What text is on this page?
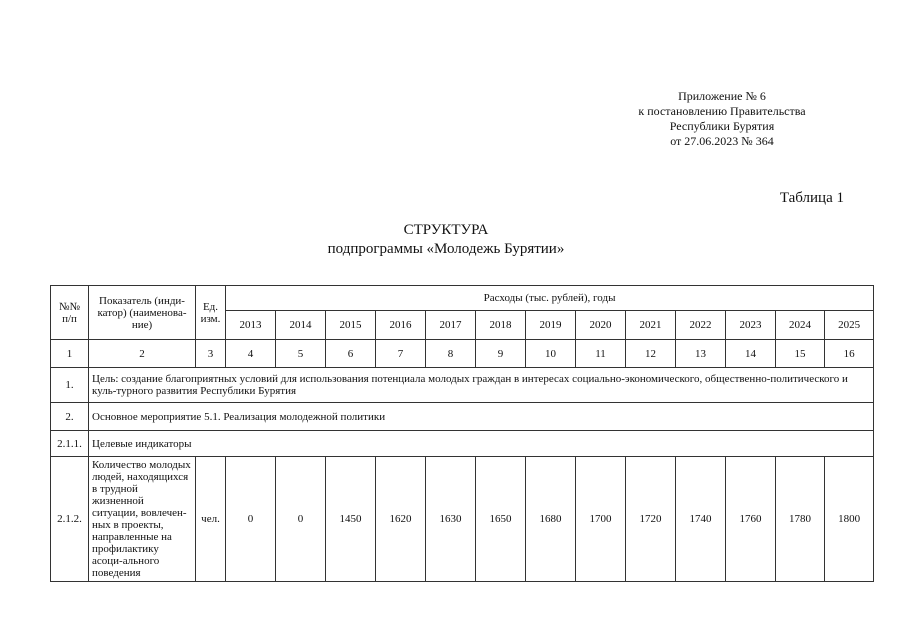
Приложение № 6
к постановлению Правительства
Республики Бурятия
от 27.06.2023 № 364
Таблица 1
СТРУКТУРА
подпрограммы «Молодежь Бурятии»
№№ п/п	Показатель (инди-катор) (наименова-ние)	Ед. изм.	Расходы (тыс. рублей), годы												
			2013	2014	2015	2016	2017	2018	2019	2020	2021	2022	2023	2024	2025
1	2	3	4	5	6	7	8	9	10	11	12	13	14	15	16
1.	Цель: создание благоприятных условий для использования потенциала молодых граждан в интересах социально-экономического, общественно-политического и куль-турного развития Республики Бурятия														
2.	Основное мероприятие 5.1. Реализация молодежной политики														
2.1.1.	Целевые индикаторы														
2.1.2.	Количество молодых людей, находящихся в трудной жизненной ситуации, вовлечен-ных в проекты, направленные на профилактику асоци-ального поведения	чел.	0	0	1450	1620	1630	1650	1680	1700	1720	1740	1760	1780	1800
